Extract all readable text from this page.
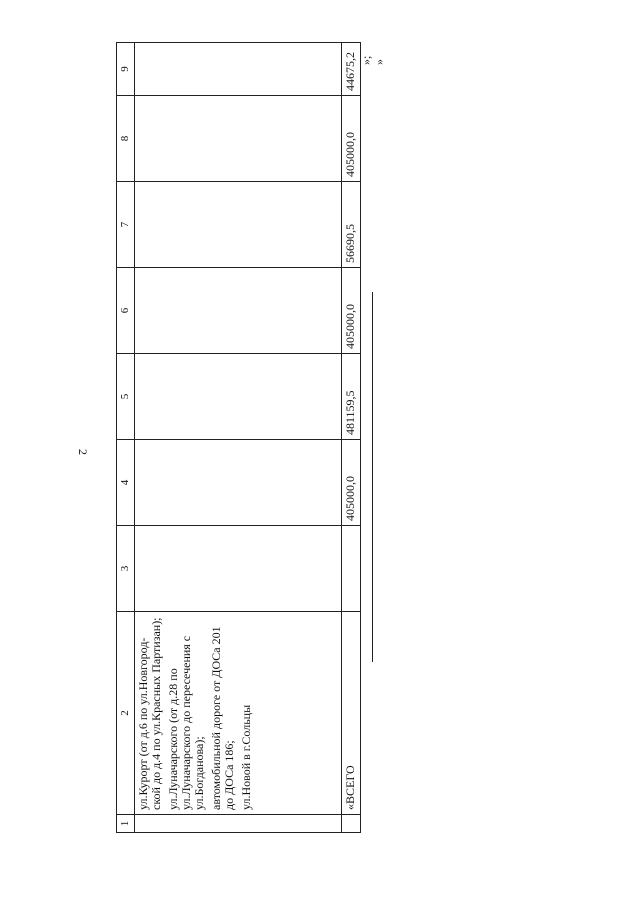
2
1	2	3	4	5	6	7	8	9

	ул.Курорт (от д.6 по ул.Новгород-ской до д.4 по ул.Красных Партизан); ул.Луначарского (от д.28 по ул.Луначарского до пересечения с ул.Богданова); автомобильной дороге от ДОСа 201 до ДОСа 186; ул.Новой в г.Сольцы							

	«ВСЕГО		405000,0	481159,5	405000,0	56690,5	405000,0	44675,2 »; »
